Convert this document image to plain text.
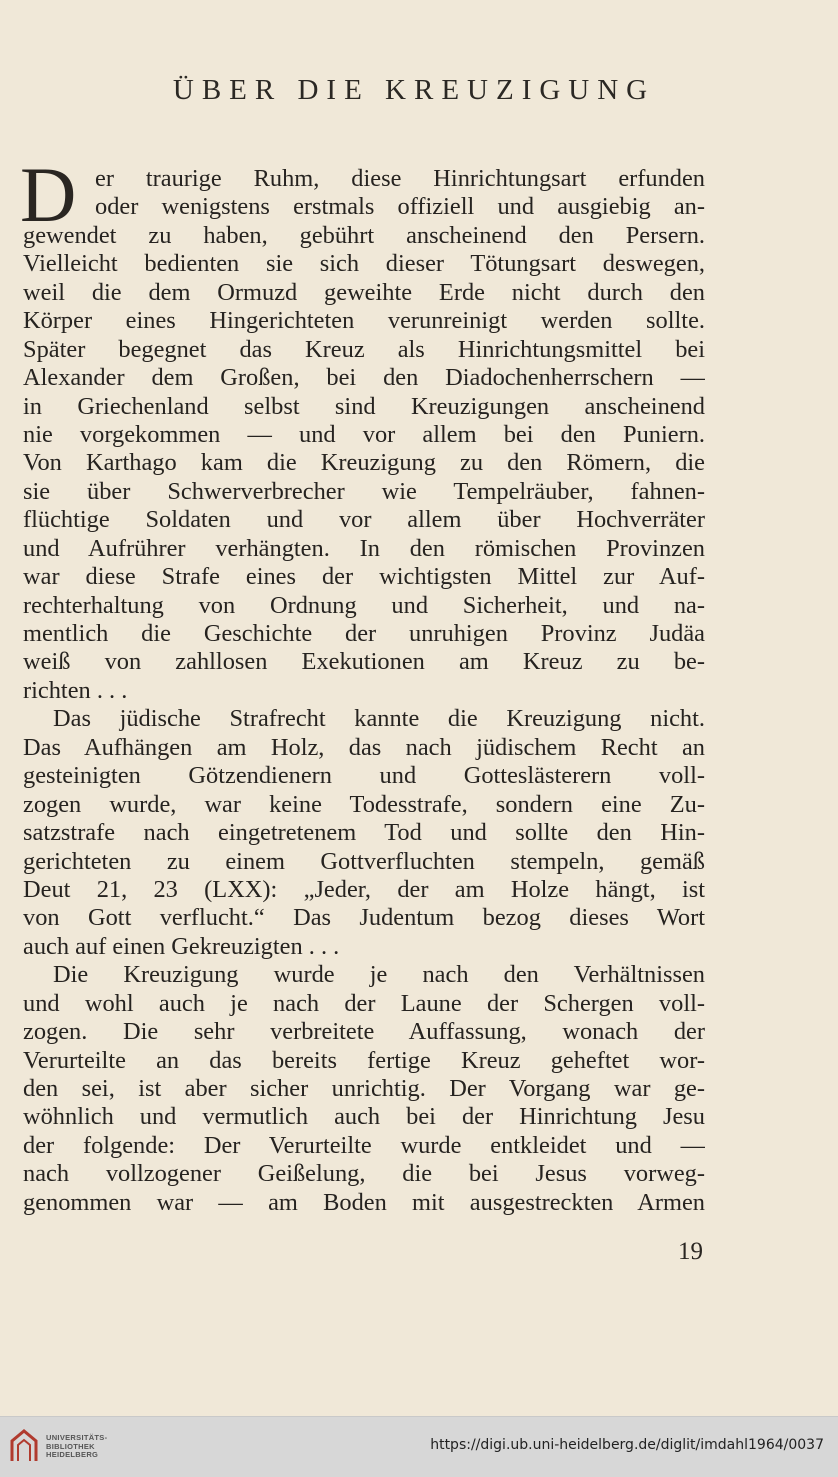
ÜBER DIE KREUZIGUNG
D er traurige Ruhm, diese Hinrichtungsart erfunden
oder wenigstens erstmals offiziell und ausgiebig an-
gewendet zu haben, gebührt anscheinend den Persern.
Vielleicht bedienten sie sich dieser Tötungsart deswegen,
weil die dem Ormuzd geweihte Erde nicht durch den
Körper eines Hingerichteten verunreinigt werden sollte.
Später begegnet das Kreuz als Hinrichtungsmittel bei
Alexander dem Großen, bei den Diadochenherrschern —
in Griechenland selbst sind Kreuzigungen anscheinend
nie vorgekommen — und vor allem bei den Puniern.
Von Karthago kam die Kreuzigung zu den Römern, die
sie über Schwerverbrecher wie Tempelräuber, fahnen-
flüchtige Soldaten und vor allem über Hochverräter
und Aufrührer verhängten. In den römischen Provinzen
war diese Strafe eines der wichtigsten Mittel zur Auf-
rechterhaltung von Ordnung und Sicherheit, und na-
mentlich die Geschichte der unruhigen Provinz Judäa
weiß von zahllosen Exekutionen am Kreuz zu be-
richten . . .
Das jüdische Strafrecht kannte die Kreuzigung nicht.
Das Aufhängen am Holz, das nach jüdischem Recht an
gesteinigten Götzendienern und Gotteslästerern voll-
zogen wurde, war keine Todesstrafe, sondern eine Zu-
satzstrafe nach eingetretenem Tod und sollte den Hin-
gerichteten zu einem Gottverfluchten stempeln, gemäß
Deut 21, 23 (LXX): „Jeder, der am Holze hängt, ist
von Gott verflucht.“ Das Judentum bezog dieses Wort
auch auf einen Gekreuzigten . . .
Die Kreuzigung wurde je nach den Verhältnissen
und wohl auch je nach der Laune der Schergen voll-
zogen. Die sehr verbreitete Auffassung, wonach der
Verurteilte an das bereits fertige Kreuz geheftet wor-
den sei, ist aber sicher unrichtig. Der Vorgang war ge-
wöhnlich und vermutlich auch bei der Hinrichtung Jesu
der folgende: Der Verurteilte wurde entkleidet und —
nach vollzogener Geißelung, die bei Jesus vorweg-
genommen war — am Boden mit ausgestreckten Armen
19
UNIVERSITÄTS-
BIBLIOTHEK
HEIDELBERG
https://digi.ub.uni-heidelberg.de/diglit/imdahl1964/0037
